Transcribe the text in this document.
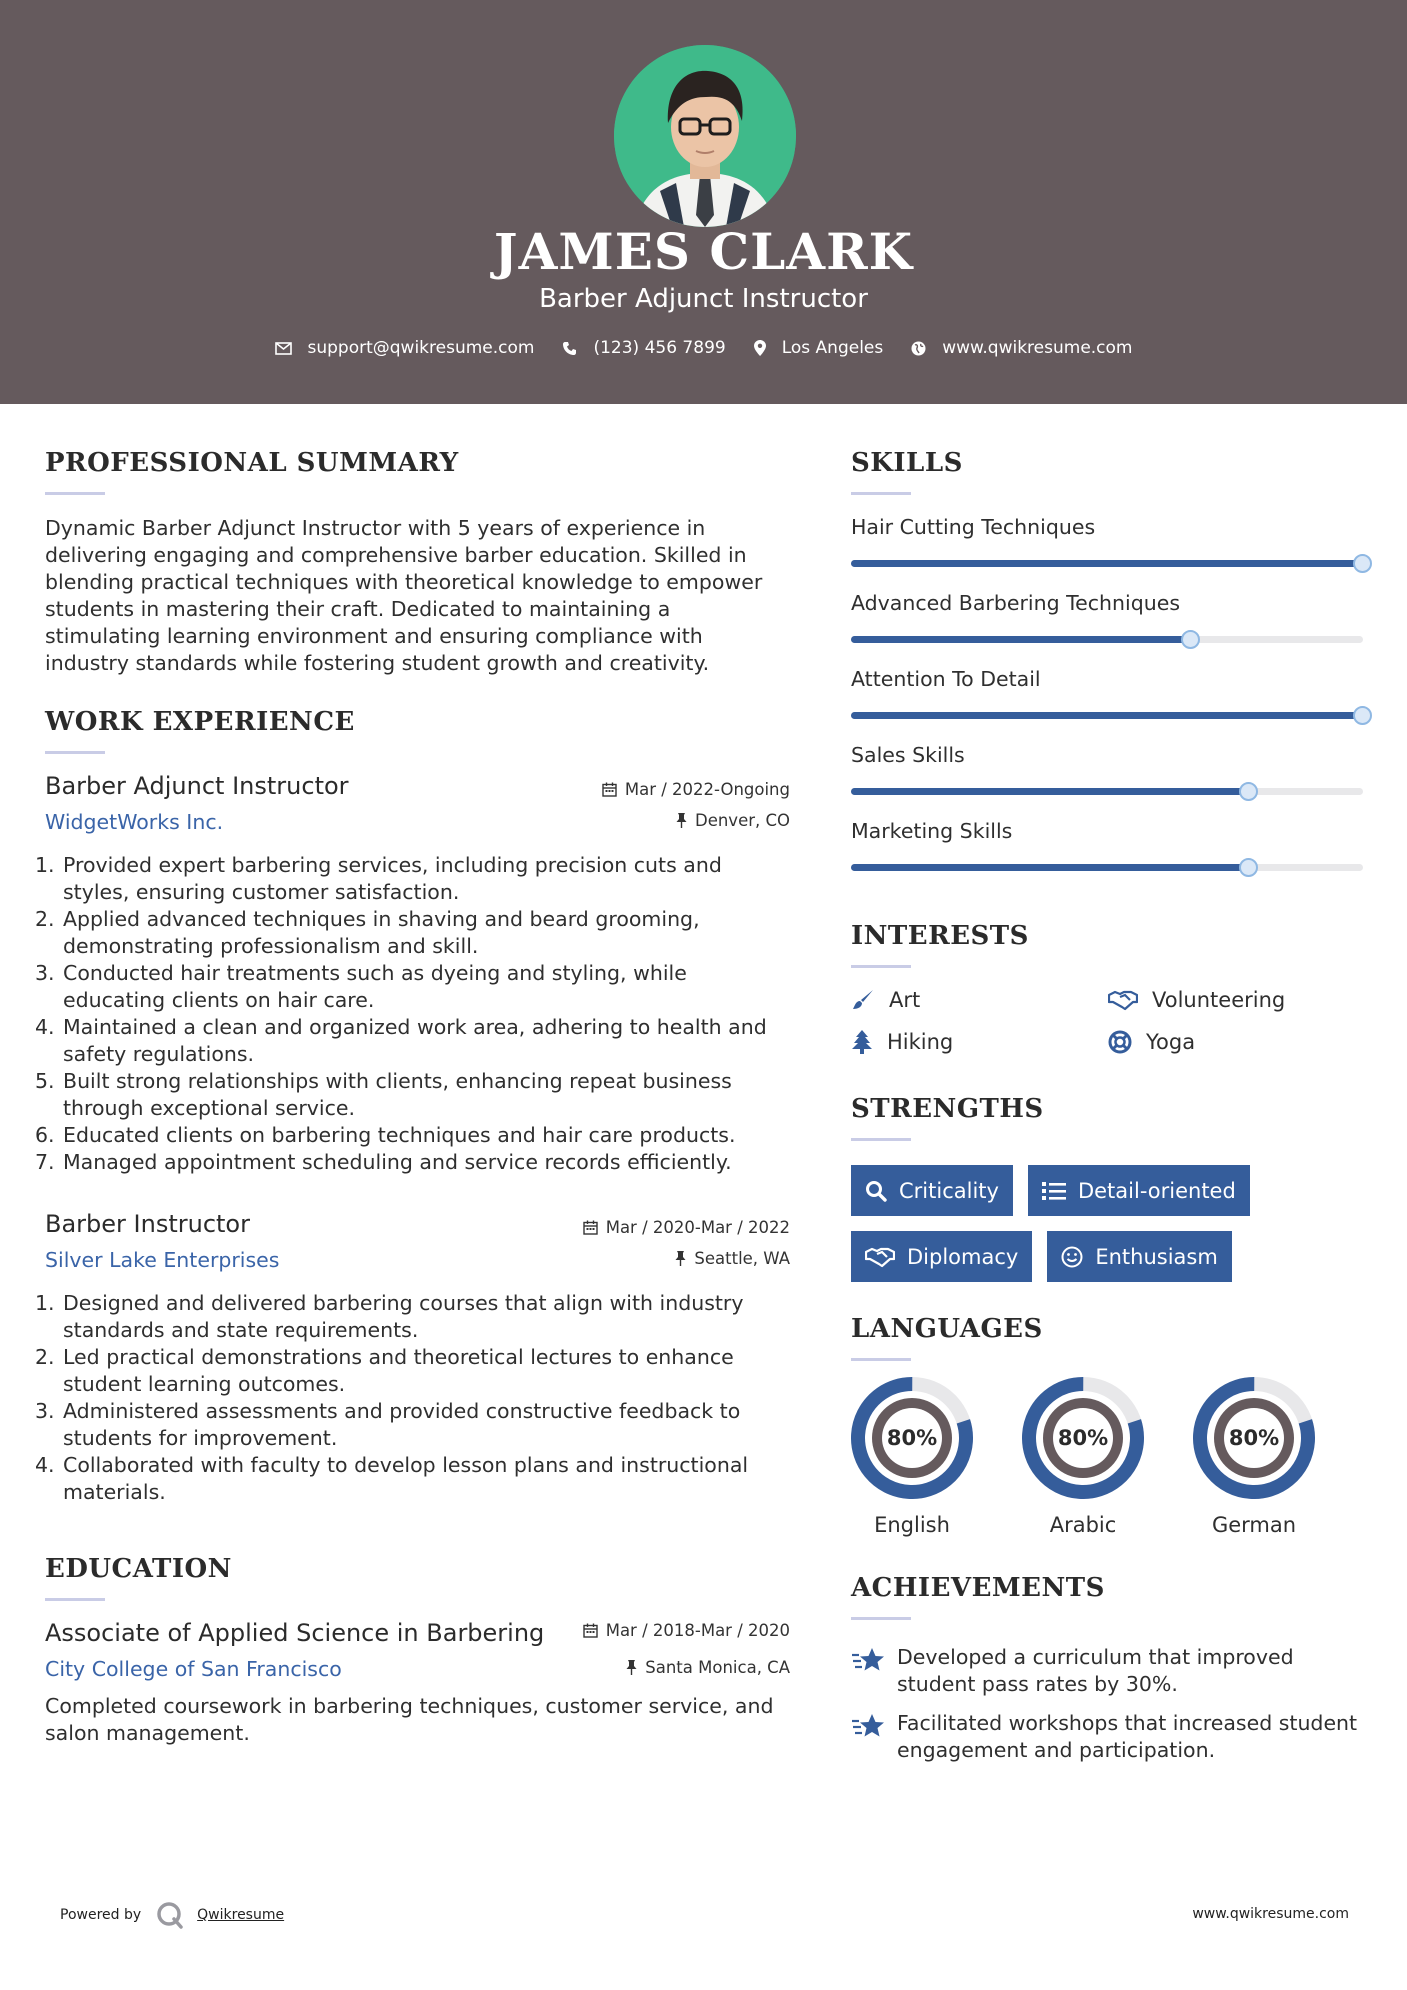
JAMES CLARK
Barber Adjunct Instructor
support@qwikresume.com	(123) 456 7899	Los Angeles	www.qwikresume.com
PROFESSIONAL SUMMARY

Dynamic Barber Adjunct Instructor with 5 years of experience in delivering engaging and comprehensive barber education. Skilled in blending practical techniques with theoretical knowledge to empower students in mastering their craft. Dedicated to maintaining a stimulating learning environment and ensuring compliance with industry standards while fostering student growth and creativity.

WORK EXPERIENCE
Mar / 2022-Ongoing
Denver, CO
Barber Adjunct Instructor
WidgetWorks Inc.
1. Provided expert barbering services, including precision cuts and styles, ensuring customer satisfaction.
2. Applied advanced techniques in shaving and beard grooming, demonstrating professionalism and skill.
3. Conducted hair treatments such as dyeing and styling, while educating clients on hair care.
4. Maintained a clean and organized work area, adhering to health and safety regulations.
5. Built strong relationships with clients, enhancing repeat business through exceptional service.
6. Educated clients on barbering techniques and hair care products.
7. Managed appointment scheduling and service records efficiently.
Mar / 2020-Mar / 2022
Seattle, WA
Barber Instructor
Silver Lake Enterprises
1. Designed and delivered barbering courses that align with industry standards and state requirements.
2. Led practical demonstrations and theoretical lectures to enhance student learning outcomes.
3. Administered assessments and provided constructive feedback to students for improvement.
4. Collaborated with faculty to develop lesson plans and instructional materials.
EDUCATION
Mar / 2018-Mar / 2020
Santa Monica, CA
Associate of Applied Science in Barbering
City College of San Francisco

Completed coursework in barbering techniques, customer service, and salon management.

SKILLS
Hair Cutting Techniques
Advanced Barbering Techniques
Attention To Detail
Sales Skills
Marketing Skills
INTERESTS
Art	Volunteering
Hiking	Yoga
STRENGTHS
Criticality	Detail-oriented
Diplomacy	Enthusiasm
LANGUAGES
80%
English
80%
Arabic
80%
German
ACHIEVEMENTS
Developed a curriculum that improved student pass rates by 30%.
Facilitated workshops that increased student engagement and participation.
Powered by	Qwikresume	www.qwikresume.com
